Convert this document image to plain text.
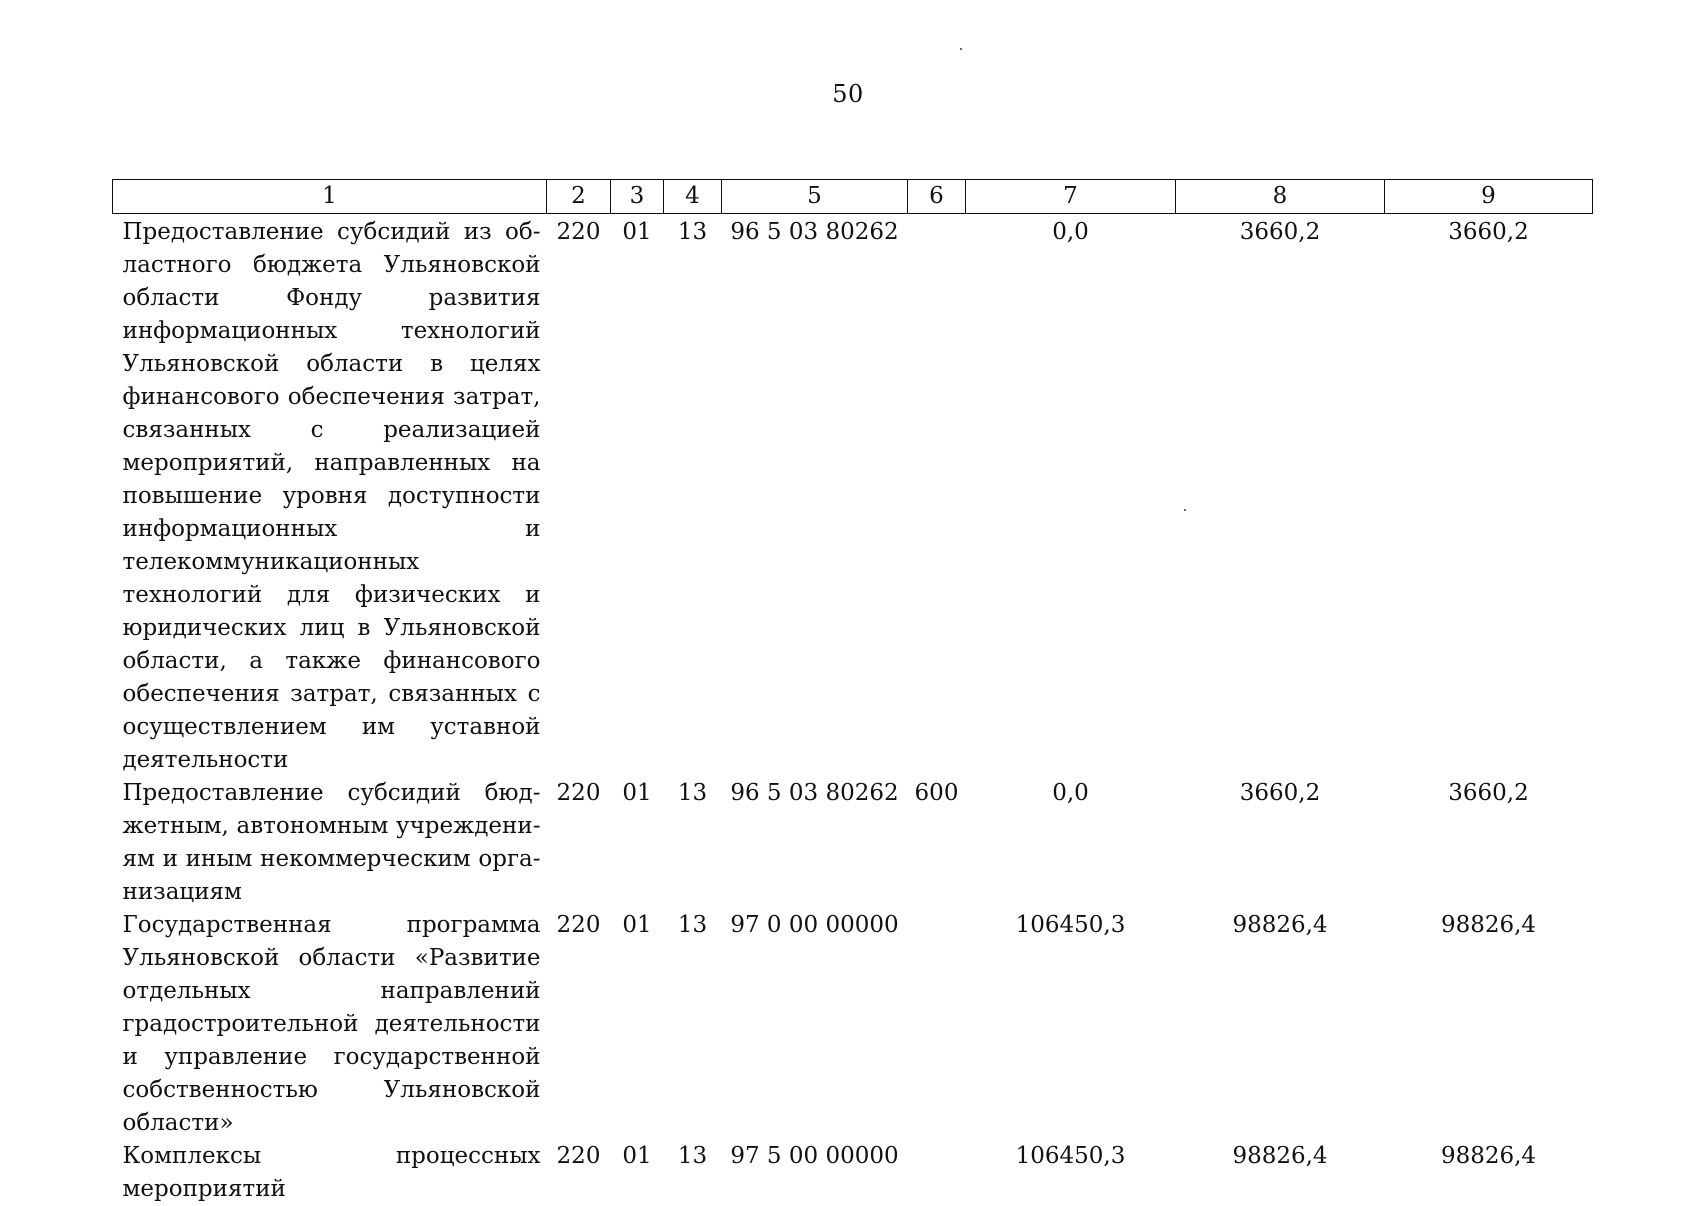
50
1	2	3	4	5	6	7	8	9
Предоставление субсидий из областного бюджета Ульяновской области Фонду развития информационных технологий Ульяновской области в целях финансового обеспечения затрат, связанных с реализацией мероприятий, направленных на повышение уровня доступности информационных и телекоммуникационных технологий для физических и юридических лиц в Ульяновской области, а также финансового обеспечения затрат, связанных с осуществлением им уставной деятельности	220	01	13	96 5 03 80262		0,0	3660,2	3660,2
Предоставление субсидий бюджетным, автономным учреждениям и иным некоммерческим организациям	220	01	13	96 5 03 80262	600	0,0	3660,2	3660,2
Государственная программа Ульяновской области «Развитие отдельных направлений градостроительной деятельности и управление государственной собственностью Ульяновской области»	220	01	13	97 0 00 00000		106450,3	98826,4	98826,4
Комплексы процессных мероприятий	220	01	13	97 5 00 00000		106450,3	98826,4	98826,4
